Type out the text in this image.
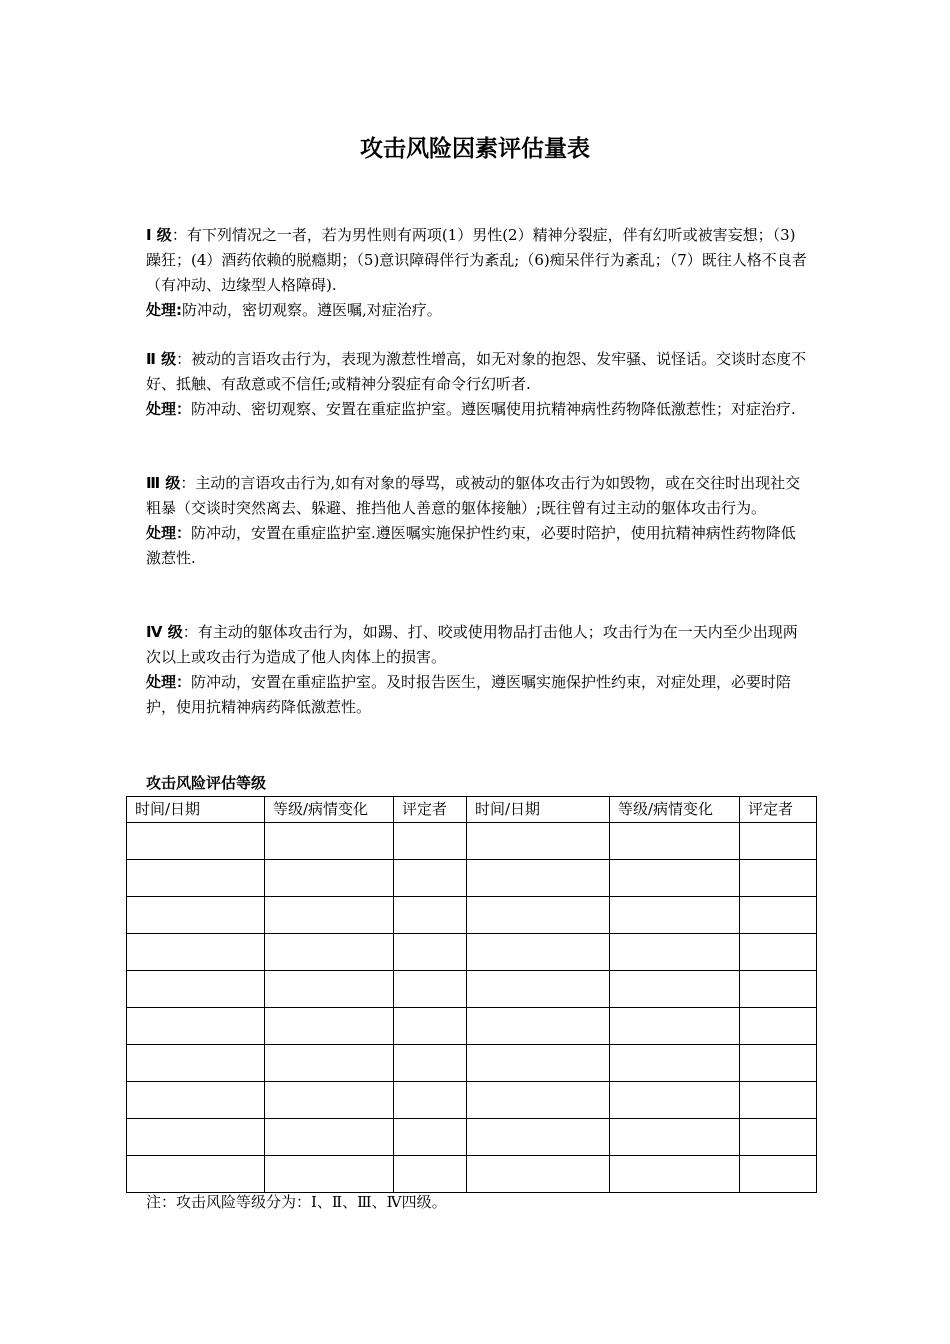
攻击风险因素评估量表

Ⅰ 级：有下列情况之一者，若为男性则有两项(1）男性(2）精神分裂症，伴有幻听或被害妄想；（3)躁狂；(4）酒药依赖的脱瘾期；（5)意识障碍伴行为紊乱;（6)痴呆伴行为紊乱；（7）既往人格不良者（有冲动、边缘型人格障碍).

处理:防冲动，密切观察。遵医嘱,对症治疗。

Ⅱ 级：被动的言语攻击行为，表现为激惹性增高，如无对象的抱怨、发牢骚、说怪话。交谈时态度不好、抵触、有敌意或不信任;或精神分裂症有命令行幻听者.

处理：防冲动、密切观察、安置在重症监护室。遵医嘱使用抗精神病性药物降低激惹性；对症治疗.

Ⅲ 级：主动的言语攻击行为,如有对象的辱骂，或被动的躯体攻击行为如毁物，或在交往时出现社交粗暴（交谈时突然离去、躲避、推挡他人善意的躯体接触）;既往曾有过主动的躯体攻击行为。

处理：防冲动，安置在重症监护室.遵医嘱实施保护性约束，必要时陪护，使用抗精神病性药物降低激惹性.

Ⅳ 级：有主动的躯体攻击行为，如踢、打、咬或使用物品打击他人；攻击行为在一天内至少出现两次以上或攻击行为造成了他人肉体上的损害。

处理：防冲动，安置在重症监护室。及时报告医生，遵医嘱实施保护性约束，对症处理，必要时陪护，使用抗精神病药降低激惹性。

攻击风险评估等级
时间/日期	等级/病情变化	评定者	时间/日期	等级/病情变化	评定者

注：攻击风险等级分为：Ⅰ、Ⅱ、Ⅲ、Ⅳ四级。
